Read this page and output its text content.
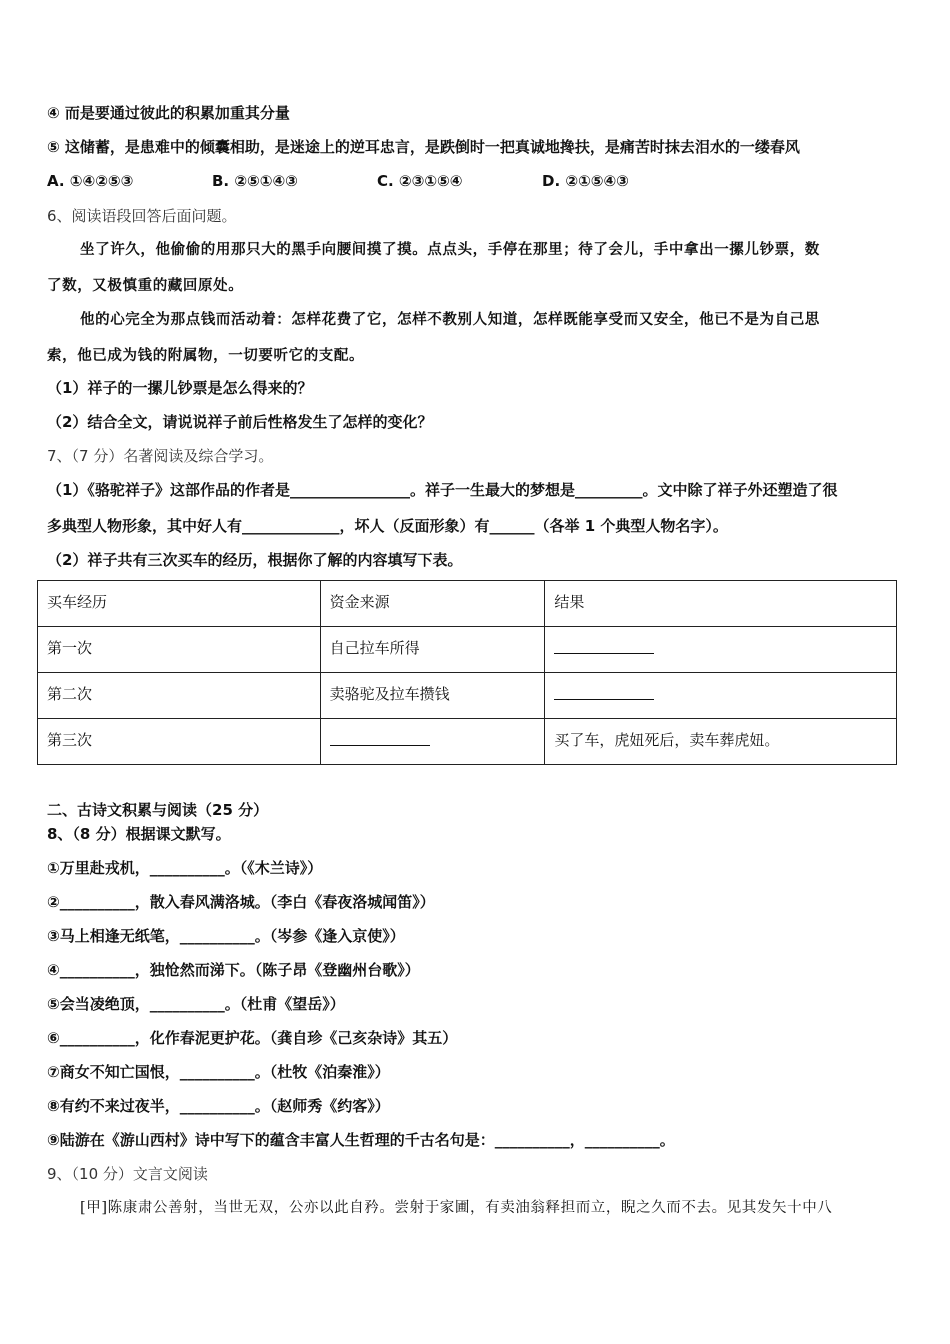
④ 而是要通过彼此的积累加重其分量
⑤ 这储蓄，是患难中的倾囊相助，是迷途上的逆耳忠言，是跌倒时一把真诚地搀扶，是痛苦时抹去泪水的一缕春风
A. ①④②⑤③	B. ②⑤①④③	C. ②③①⑤④	D. ②①⑤④③
6、阅读语段回答后面问题。
坐了许久，他偷偷的用那只大的黑手向腰间摸了摸。点点头，手停在那里；待了会儿，手中拿出一摞儿钞票，数
了数，又极慎重的藏回原处。
他的心完全为那点钱而活动着：怎样花费了它，怎样不教别人知道，怎样既能享受而又安全，他已不是为自己思
索，他已成为钱的附属物，一切要听它的支配。
（1）祥子的一摞儿钞票是怎么得来的？
（2）结合全文，请说说祥子前后性格发生了怎样的变化？
7、（7 分）名著阅读及综合学习。
（1）《骆驼祥子》这部作品的作者是________________。祥子一生最大的梦想是_________。文中除了祥子外还塑造了很
多典型人物形象，其中好人有_____________，坏人（反面形象）有______（各举 1 个典型人物名字）。
（2）祥子共有三次买车的经历，根据你了解的内容填写下表。
买车经历	资金来源	结果
第一次	自己拉车所得	
第二次	卖骆驼及拉车攒钱	
第三次		买了车，虎妞死后，卖车葬虎妞。
二、古诗文积累与阅读（25 分）
8、（8 分）根据课文默写。
①万里赴戎机，__________。（《木兰诗》）
②__________，散入春风满洛城。（李白《春夜洛城闻笛》）
③马上相逢无纸笔，__________。（岑参《逢入京使》）
④__________，独怆然而涕下。（陈子昂《登幽州台歌》）
⑤会当凌绝顶，__________。（杜甫《望岳》）
⑥__________，化作春泥更护花。（龚自珍《己亥杂诗》其五）
⑦商女不知亡国恨，__________。（杜牧《泊秦淮》）
⑧有约不来过夜半，__________。（赵师秀《约客》）
⑨陆游在《游山西村》诗中写下的蕴含丰富人生哲理的千古名句是：__________，__________。
9、（10 分）文言文阅读
[甲]陈康肃公善射，当世无双，公亦以此自矜。尝射于家圃，有卖油翁释担而立，睨之久而不去。见其发矢十中八
